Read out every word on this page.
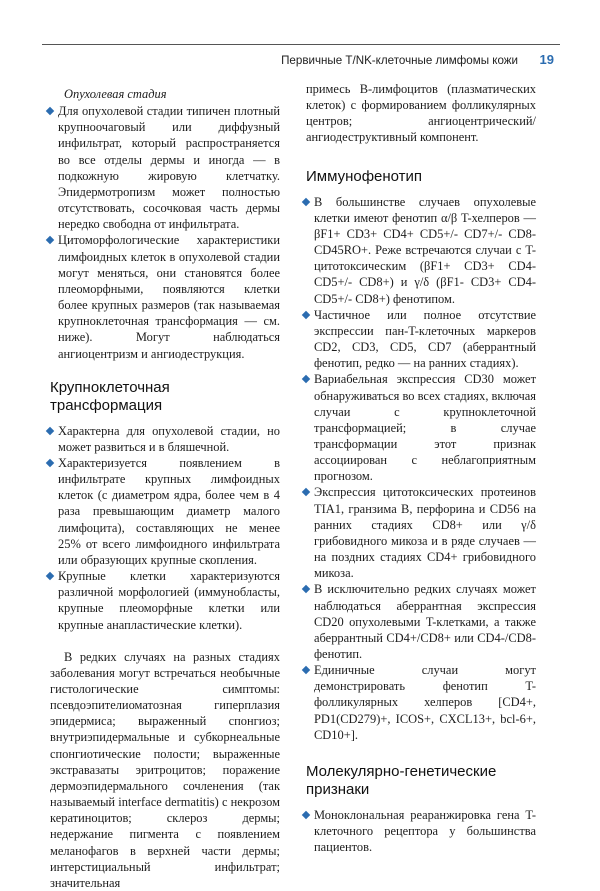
Первичные T/NK-клеточные лимфомы кожи 19
Опухолевая стадия
Для опухолевой стадии типичен плотный крупноочаговый или диффузный инфильтрат, который распространяется во все отделы дермы и иногда — в подкожную жировую клетчатку. Эпидермотропизм может полностью отсутствовать, сосочковая часть дермы нередко свободна от инфильтрата.
Цитоморфологические характеристики лимфоидных клеток в опухолевой стадии могут меняться, они становятся более плеоморфными, появляются клетки более крупных размеров (так называемая крупноклеточная трансформация — см. ниже). Могут наблюдаться ангиоцентризм и ангиодеструкция.
Крупноклеточная трансформация
Характерна для опухолевой стадии, но может развиться и в бляшечной.
Характеризуется появлением в инфильтрате крупных лимфоидных клеток (с диаметром ядра, более чем в 4 раза превышающим диаметр малого лимфоцита), составляющих не менее 25% от всего лимфоидного инфильтрата или образующих крупные скопления.
Крупные клетки характеризуются различной морфологией (иммунобласты, крупные плеоморфные клетки или крупные анапластические клетки).
В редких случаях на разных стадиях заболевания могут встречаться необычные гистологические симптомы: псевдоэпителиоматозная гиперплазия эпидермиса; выраженный спонгиоз; внутриэпидермальные и субкорнеальные спонгиотические полости; выраженные экстравазаты эритроцитов; поражение дермоэпидермального сочленения (так называемый interface dermatitis) с некрозом кератиноцитов; склероз дермы; недержание пигмента с появлением меланофагов в верхней части дермы; интерстициальный инфильтрат; значительная
примесь B-лимфоцитов (плазматических клеток) с формированием фолликулярных центров; ангиоцентрический/ангиодеструктивный компонент.
Иммунофенотип
В большинстве случаев опухолевые клетки имеют фенотип α/β T-хелперов — βF1+ CD3+ CD4+ CD5+/- CD7+/- CD8- CD45RO+. Реже встречаются случаи с T-цитотоксическим (βF1+ CD3+ CD4- CD5+/- CD8+) и γ/δ (βF1- CD3+ CD4- CD5+/- CD8+) фенотипом.
Частичное или полное отсутствие экспрессии пан-T-клеточных маркеров CD2, CD3, CD5, CD7 (аберрантный фенотип, редко — на ранних стадиях).
Вариабельная экспрессия CD30 может обнаруживаться во всех стадиях, включая случаи с крупноклеточной трансформацией; в случае трансформации этот признак ассоциирован с неблагоприятным прогнозом.
Экспрессия цитотоксических протеинов TIA1, гранзима B, перфорина и CD56 на ранних стадиях CD8+ или γ/δ грибовидного микоза и в ряде случаев — на поздних стадиях CD4+ грибовидного микоза.
В исключительно редких случаях может наблюдаться аберрантная экспрессия CD20 опухолевыми T-клетками, а также аберрантный CD4+/CD8+ или CD4-/CD8- фенотип.
Единичные случаи могут демонстрировать фенотип T-фолликулярных хелперов [CD4+, PD1(CD279)+, ICOS+, CXCL13+, bcl-6+, CD10+].
Молекулярно-генетические признаки
Моноклональная реаранжировка гена T-клеточного рецептора у большинства пациентов.
